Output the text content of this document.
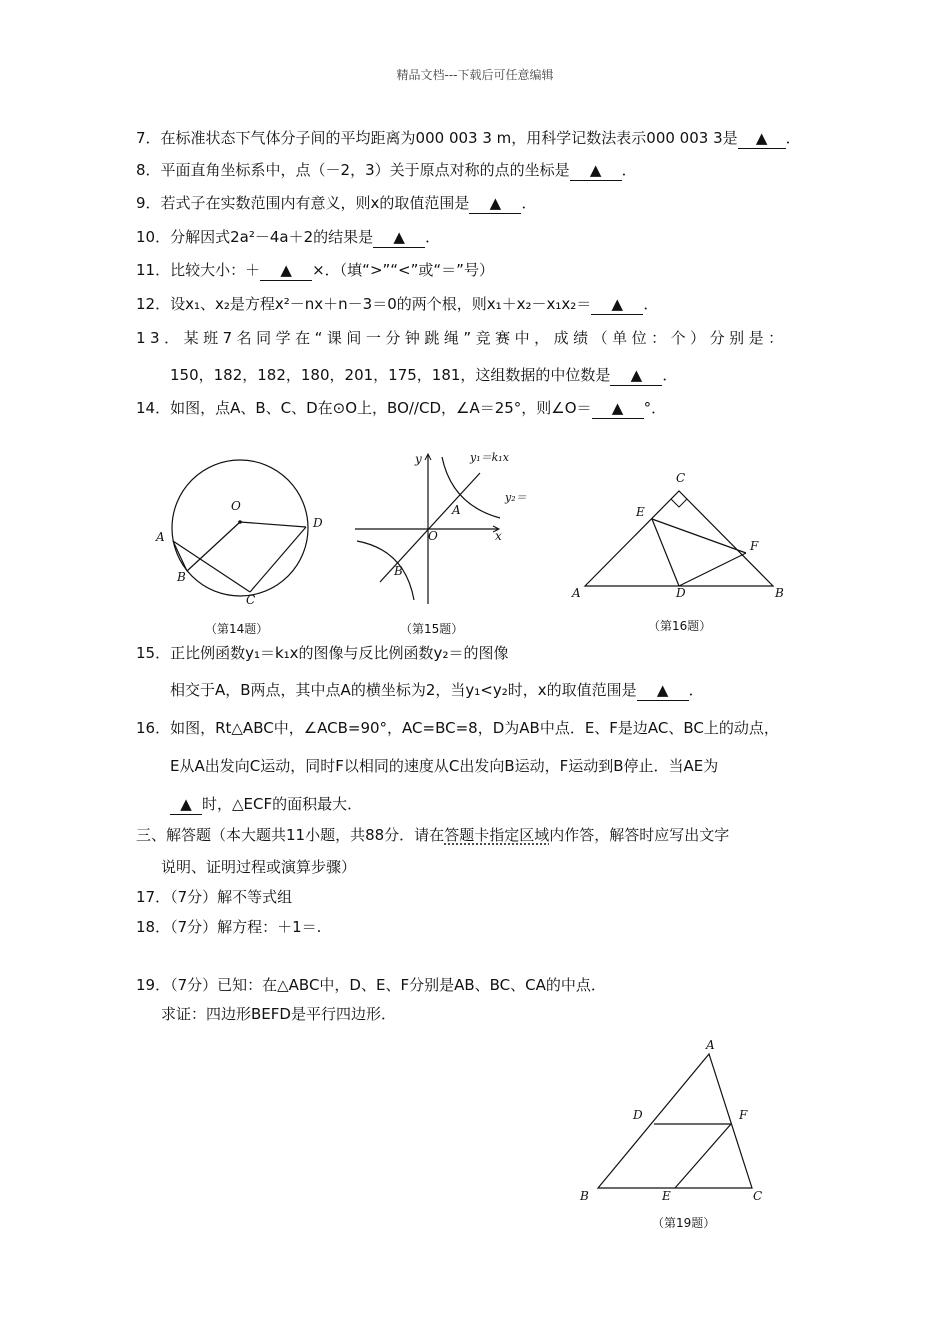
精品文档---下载后可任意编辑
7．在标准状态下气体分子间的平均距离为000 003 3 m，用科学记数法表示000 003 3是 ▲ ．
8．平面直角坐标系中，点（－2，3）关于原点对称的点的坐标是 ▲ ．
9．若式子在实数范围内有意义，则x的取值范围是 ▲ ．
10．分解因式2a²－4a＋2的结果是 ▲ ．
11．比较大小：＋ ▲ ×．（填“>”“<”或“＝”号）
12．设x₁、x₂是方程x²－nx＋n－3＝0的两个根，则x₁＋x₂－x₁x₂＝ ▲ ．
13．某班7名同学在“课间一分钟跳绳”竞赛中，成绩（单位：个）分别是：
150，182，182，180，201，175，181，这组数据的中位数是 ▲ ．
14．如图，点A、B、C、D在⊙O上，BO//CD，∠A＝25°，则∠O＝ ▲ °．
O
D
A
B
C
（第14题）
y
x
O
A
B
y₁＝k₁x
y₂＝
（第15题）
C
E
F
A	D	B
（第16题）
15．正比例函数y₁＝k₁x的图像与反比例函数y₂＝的图像
相交于A，B两点，其中点A的横坐标为2，当y₁<y₂时，x的取值范围是 ▲ ．
16．如图，Rt△ABC中，∠ACB=90°，AC=BC=8，D为AB中点．E、F是边AC、BC上的动点，
E从A出发向C运动，同时F以相同的速度从C出发向B运动，F运动到B停止．当AE为
▲ 时，△ECF的面积最大．
三、解答题（本大题共11小题，共88分．请在答题卡指定区域内作答，解答时应写出文字
说明、证明过程或演算步骤）
17．（7分）解不等式组
18．（7分）解方程：＋1＝.
19．（7分）已知：在△ABC中，D、E、F分别是AB、BC、CA的中点．
求证：四边形BEFD是平行四边形．
A
D	F
B	E	C
（第19题）
